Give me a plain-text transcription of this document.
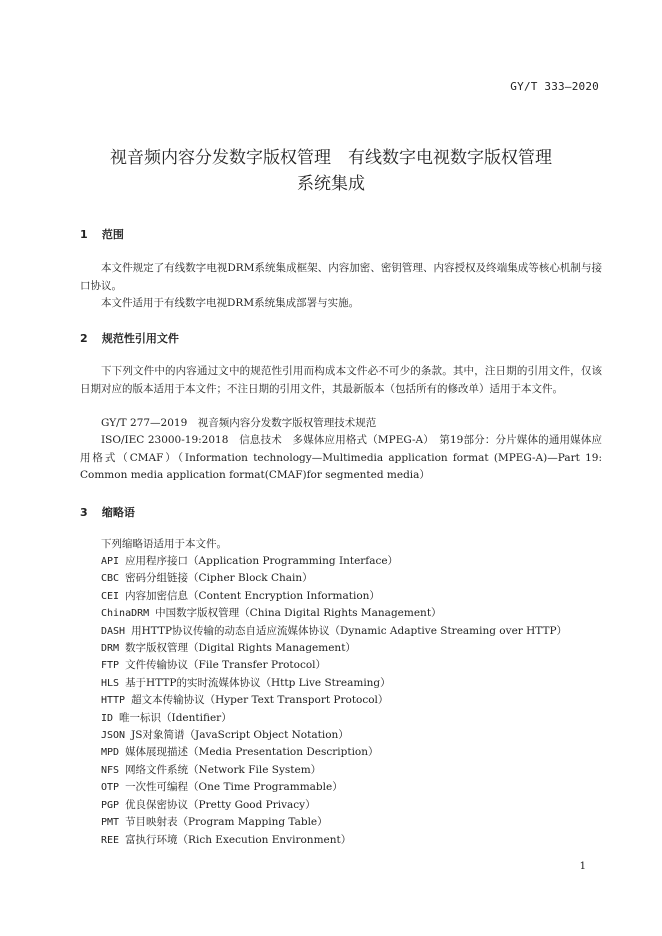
GY/T 333—2020
视音频内容分发数字版权管理　有线数字电视数字版权管理
系统集成
1 范围
本文件规定了有线数字电视DRM系统集成框架、内容加密、密钥管理、内容授权及终端集成等核心机制与接口协议。
本文件适用于有线数字电视DRM系统集成部署与实施。
2 规范性引用文件
下下列文件中的内容通过文中的规范性引用而构成本文件必不可少的条款。其中，注日期的引用文件，仅该日期对应的版本适用于本文件；不注日期的引用文件，其最新版本（包括所有的修改单）适用于本文件。
GY/T 277—2019　视音频内容分发数字版权管理技术规范
ISO/IEC 23000-19:2018　信息技术　多媒体应用格式（MPEG-A）　第19部分：分片媒体的通用媒体应用格式（CMAF）（Information technology—Multimedia application format (MPEG-A)—Part 19: Common media application format(CMAF)for segmented media）
3 缩略语
下列缩略语适用于本文件。
API 应用程序接口（Application Programming Interface）
CBC 密码分组链接（Cipher Block Chain）
CEI 内容加密信息（Content Encryption Information）
ChinaDRM 中国数字版权管理（China Digital Rights Management）
DASH 用HTTP协议传输的动态自适应流媒体协议（Dynamic Adaptive Streaming over HTTP）
DRM 数字版权管理（Digital Rights Management）
FTP 文件传输协议（File Transfer Protocol）
HLS 基于HTTP的实时流媒体协议（Http Live Streaming）
HTTP 超文本传输协议（Hyper Text Transport Protocol）
ID 唯一标识（Identifier）
JSON JS对象简谱（JavaScript Object Notation）
MPD 媒体展现描述（Media Presentation Description）
NFS 网络文件系统（Network File System）
OTP 一次性可编程（One Time Programmable）
PGP 优良保密协议（Pretty Good Privacy）
PMT 节目映射表（Program Mapping Table）
REE 富执行环境（Rich Execution Environment）
1
